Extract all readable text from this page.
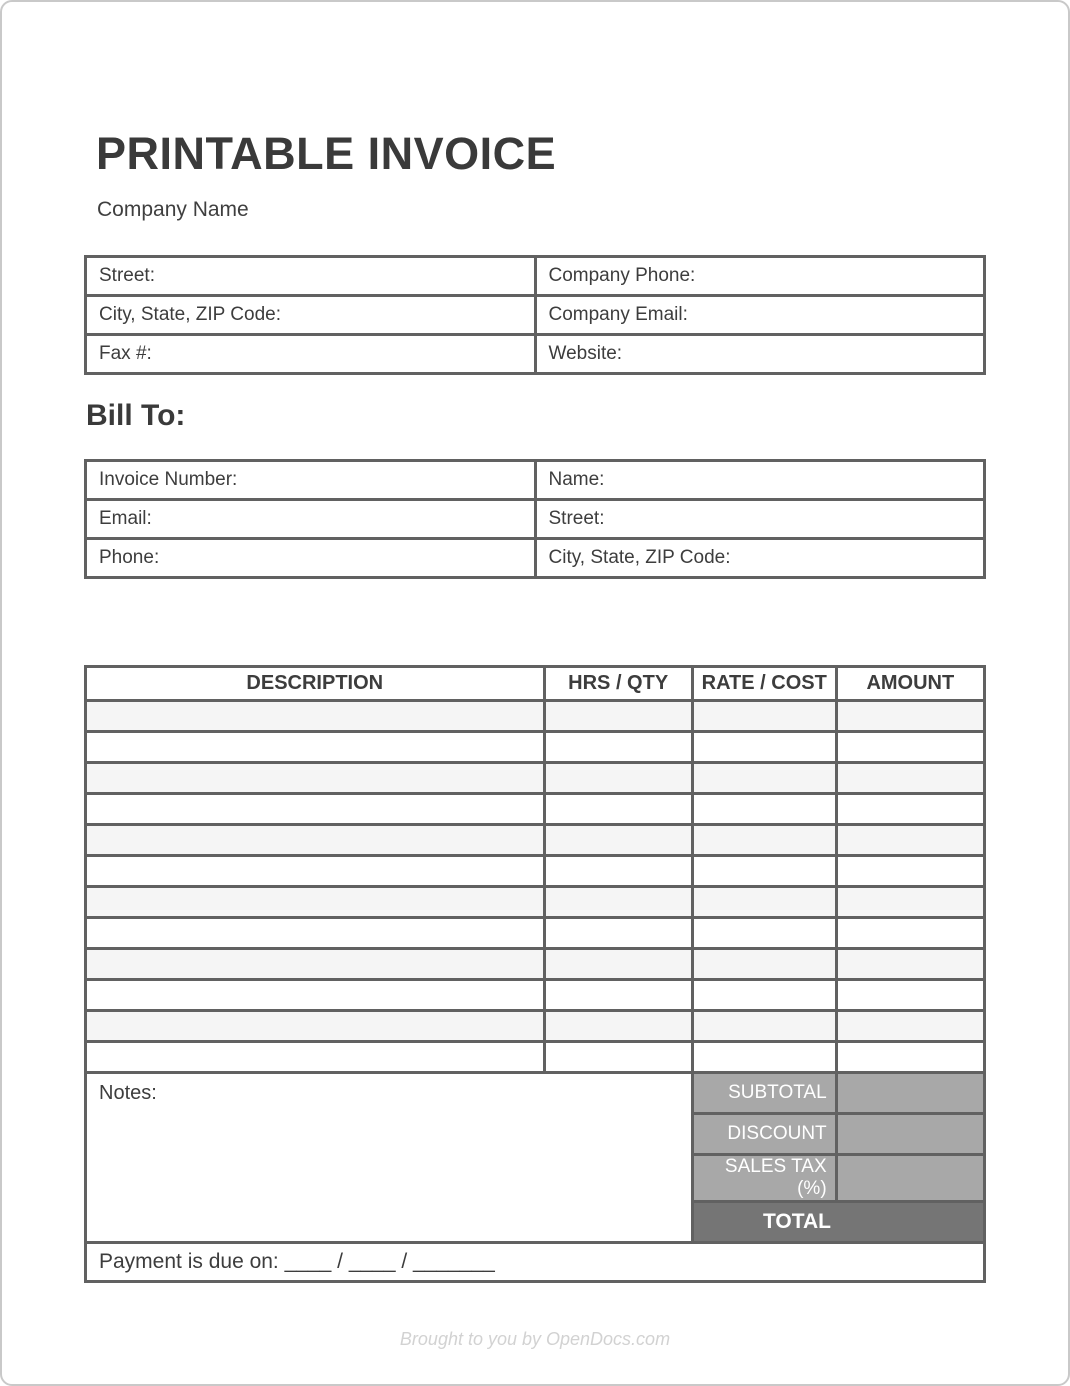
PRINTABLE INVOICE
Company Name
Street:	Company Phone:
City, State, ZIP Code:	Company Email:
Fax #:	Website:
Bill To:
Invoice Number:	Name:
Email:	Street:
Phone:	City, State, ZIP Code:
DESCRIPTION	HRS / QTY	RATE / COST	AMOUNT

Notes:	SUBTOTAL	
	DISCOUNT	
	SALES TAX (%)	
	TOTAL	
Payment is due on: ____ / ____ / _______		
Brought to you by OpenDocs.com
